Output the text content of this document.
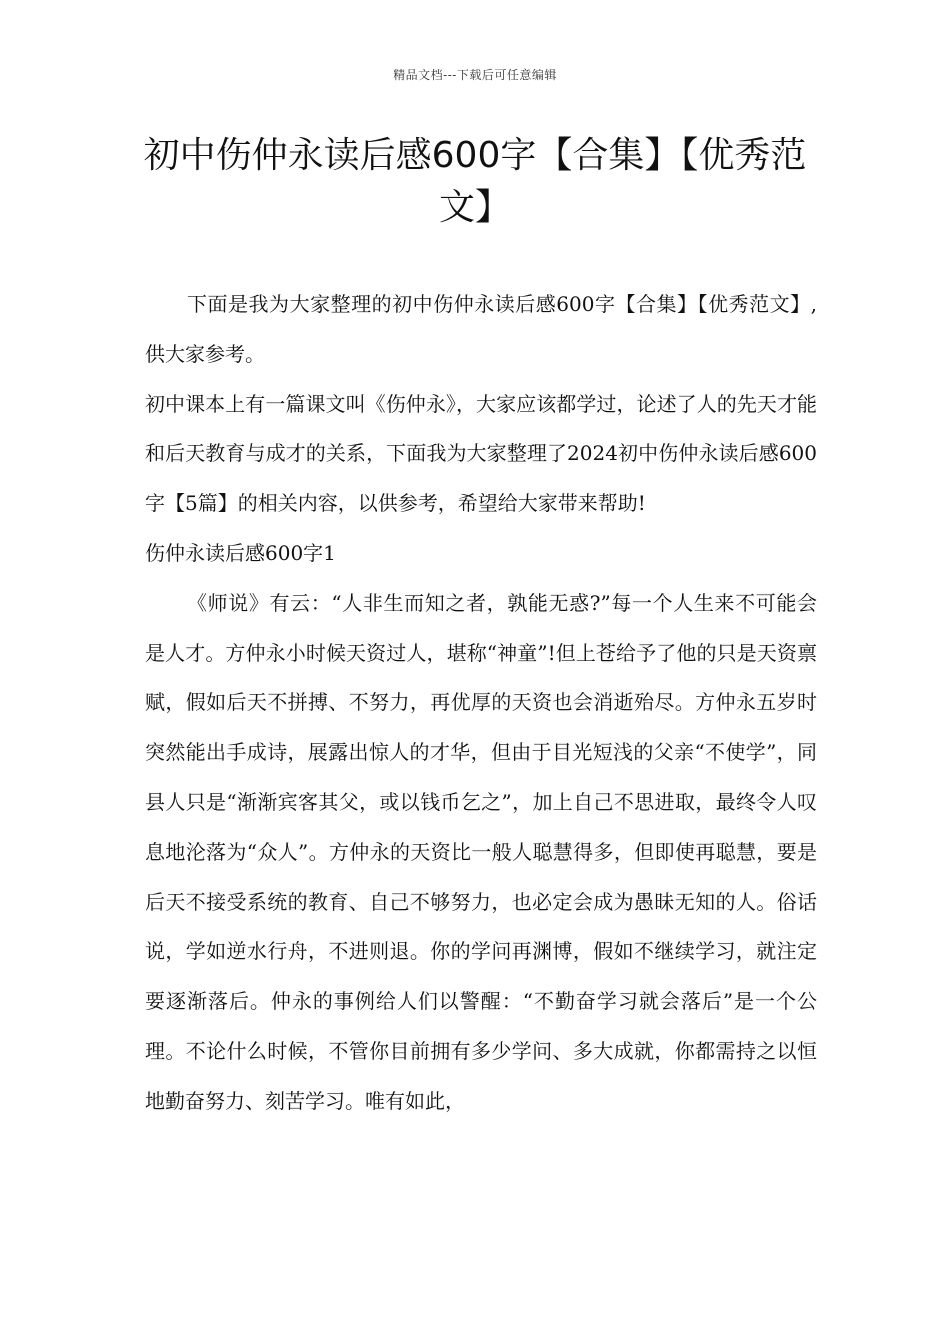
精品文档---下载后可任意编辑
初中伤仲永读后感600字【合集】【优秀范文】

下面是我为大家整理的初中伤仲永读后感600字【合集】【优秀范文】,供大家参考。

初中课本上有一篇课文叫《伤仲永》，大家应该都学过，论述了人的先天才能和后天教育与成才的关系，下面我为大家整理了2024初中伤仲永读后感600字【5篇】的相关内容，以供参考，希望给大家带来帮助!

伤仲永读后感600字1

《师说》有云：“人非生而知之者，孰能无惑?”每一个人生来不可能会是人才。方仲永小时候天资过人，堪称“神童”!但上苍给予了他的只是天资禀赋，假如后天不拼搏、不努力，再优厚的天资也会消逝殆尽。方仲永五岁时突然能出手成诗，展露出惊人的才华，但由于目光短浅的父亲“不使学”，同县人只是“渐渐宾客其父，或以钱币乞之”，加上自己不思进取，最终令人叹息地沦落为“众人”。方仲永的天资比一般人聪慧得多，但即使再聪慧，要是后天不接受系统的教育、自己不够努力，也必定会成为愚昧无知的人。俗话说，学如逆水行舟，不进则退。你的学问再渊博，假如不继续学习，就注定要逐渐落后。仲永的事例给人们以警醒：“不勤奋学习就会落后”是一个公理。不论什么时候，不管你目前拥有多少学问、多大成就，你都需持之以恒地勤奋努力、刻苦学习。唯有如此，
